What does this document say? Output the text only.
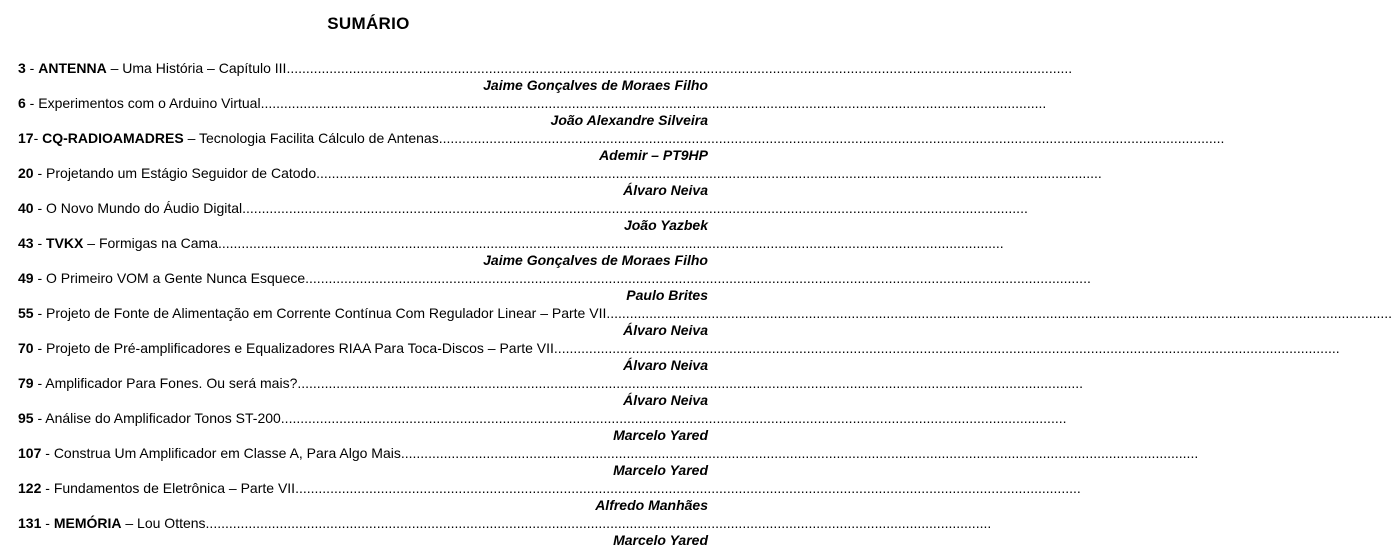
SUMÁRIO
3 - ANTENNA – Uma História – Capítulo III..........................................................................................................................................................................................................
Jaime Gonçalves de Moraes Filho
6 - Experimentos com o Arduino Virtual..........................................................................................................................................................................................................
João Alexandre Silveira
17- CQ-RADIOAMADRES – Tecnologia Facilita Cálculo de Antenas..........................................................................................................................................................................................................
Ademir – PT9HP
20 - Projetando um Estágio Seguidor de Catodo..........................................................................................................................................................................................................
Álvaro Neiva
40 - O Novo Mundo do Áudio Digital..........................................................................................................................................................................................................
João Yazbek
43 - TVKX – Formigas na Cama..........................................................................................................................................................................................................
Jaime Gonçalves de Moraes Filho
49 - O Primeiro VOM a Gente Nunca Esquece..........................................................................................................................................................................................................
Paulo Brites
55 - Projeto de Fonte de Alimentação em Corrente Contínua Com Regulador Linear – Parte VII..........................................................................................................................................................................................................
Álvaro Neiva
70 - Projeto de Pré-amplificadores e Equalizadores RIAA Para Toca-Discos – Parte VII..........................................................................................................................................................................................................
Álvaro Neiva
79 - Amplificador Para Fones. Ou será mais?..........................................................................................................................................................................................................
Álvaro Neiva
95 - Análise do Amplificador Tonos ST-200..........................................................................................................................................................................................................
Marcelo Yared
107 - Construa Um Amplificador em Classe A, Para Algo Mais.............................................................................................................................................................................................................
Marcelo Yared
122 - Fundamentos de Eletrônica – Parte VII..........................................................................................................................................................................................................
Alfredo Manhães
131 - MEMÓRIA – Lou Ottens..........................................................................................................................................................................................................
Marcelo Yared
